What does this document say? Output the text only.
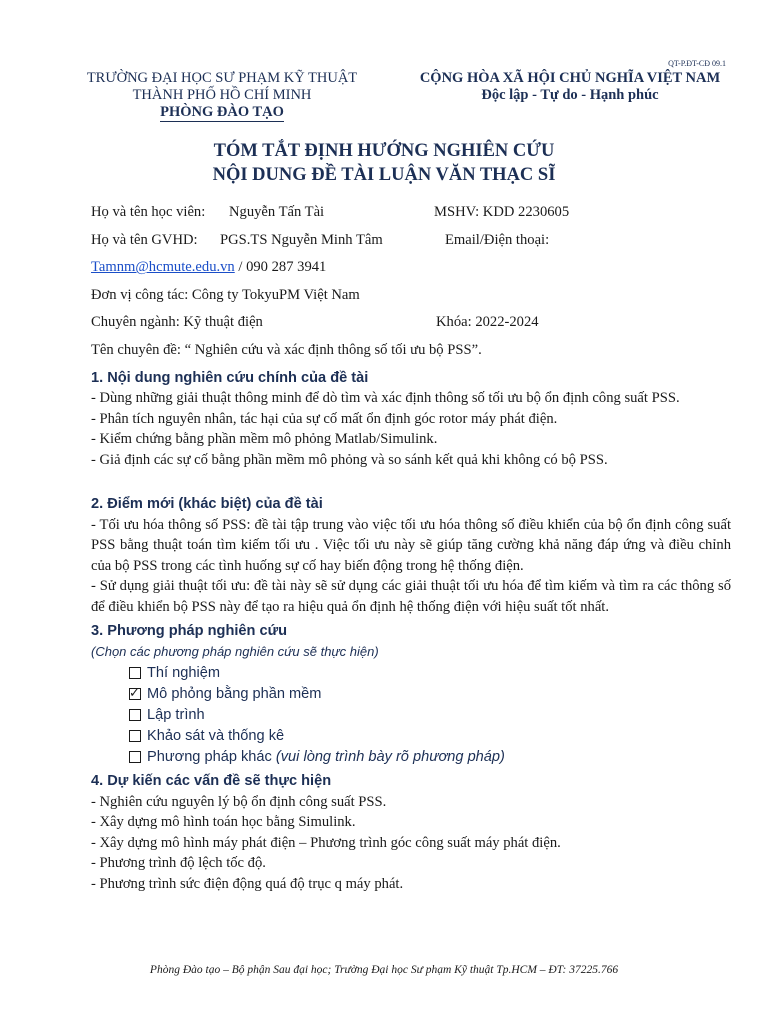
QT-P.ĐT-CĐ 09.1
TRƯỜNG ĐẠI HỌC SƯ PHẠM KỸ THUẬT
THÀNH PHỐ HỒ CHÍ MINH
PHÒNG ĐÀO TẠO
CỘNG HÒA XÃ HỘI CHỦ NGHĨA VIỆT NAM
Độc lập - Tự do - Hạnh phúc
TÓM TẮT ĐỊNH HƯỚNG NGHIÊN CỨU
NỘI DUNG ĐỀ TÀI LUẬN VĂN THẠC SĨ
Họ và tên học viên: Nguyễn Tấn Tài	MSHV: KDD 2230605
Họ và tên GVHD: PGS.TS Nguyễn Minh Tâm	Email/Điện thoại:
Tamnm@hcmute.edu.vn / 090 287 3941
Đơn vị công tác: Công ty TokyuPM Việt Nam
Chuyên ngành: Kỹ thuật điện	Khóa: 2022-2024
Tên chuyên đề: “ Nghiên cứu và xác định thông số tối ưu bộ PSS”.
1. Nội dung nghiên cứu chính của đề tài
- Dùng những giải thuật thông minh để dò tìm và xác định thông số tối ưu bộ ổn định công suất PSS.
- Phân tích nguyên nhân, tác hại của sự cố mất ổn định góc rotor máy phát điện.
- Kiểm chứng bằng phần mềm mô phỏng Matlab/Simulink.
- Giả định các sự cố bằng phần mềm mô phỏng và so sánh kết quả khi không có bộ PSS.
2. Điểm mới (khác biệt) của đề tài
- Tối ưu hóa thông số PSS: đề tài tập trung vào việc tối ưu hóa thông số điều khiển của bộ ổn định công suất PSS bằng thuật toán tìm kiếm tối ưu . Việc tối ưu này sẽ giúp tăng cường khả năng đáp ứng và điều chỉnh của bộ PSS trong các tình huống sự cố hay biến động trong hệ thống điện.
- Sử dụng giải thuật tối ưu: đề tài này sẽ sử dụng các giải thuật tối ưu hóa để tìm kiếm và tìm ra các thông số để điều khiển bộ PSS này để tạo ra hiệu quả ổn định hệ thống điện với hiệu suất tốt nhất.
3. Phương pháp nghiên cứu
(Chọn các phương pháp nghiên cứu sẽ thực hiện)
Thí nghiệm
✓
Mô phỏng bằng phần mềm
Lập trình
Khảo sát và thống kê
Phương pháp khác
(vui lòng trình bày rõ phương pháp)
4. Dự kiến các vấn đề sẽ thực hiện
- Nghiên cứu nguyên lý bộ ổn định công suất PSS.
- Xây dựng mô hình toán học bằng Simulink.
- Xây dựng mô hình máy phát điện – Phương trình góc công suất máy phát điện.
- Phương trình độ lệch tốc độ.
- Phương trình sức điện động quá độ trục q máy phát.
Phòng Đào tạo – Bộ phận Sau đại học; Trường Đại học Sư phạm Kỹ thuật Tp.HCM – ĐT: 37225.766
